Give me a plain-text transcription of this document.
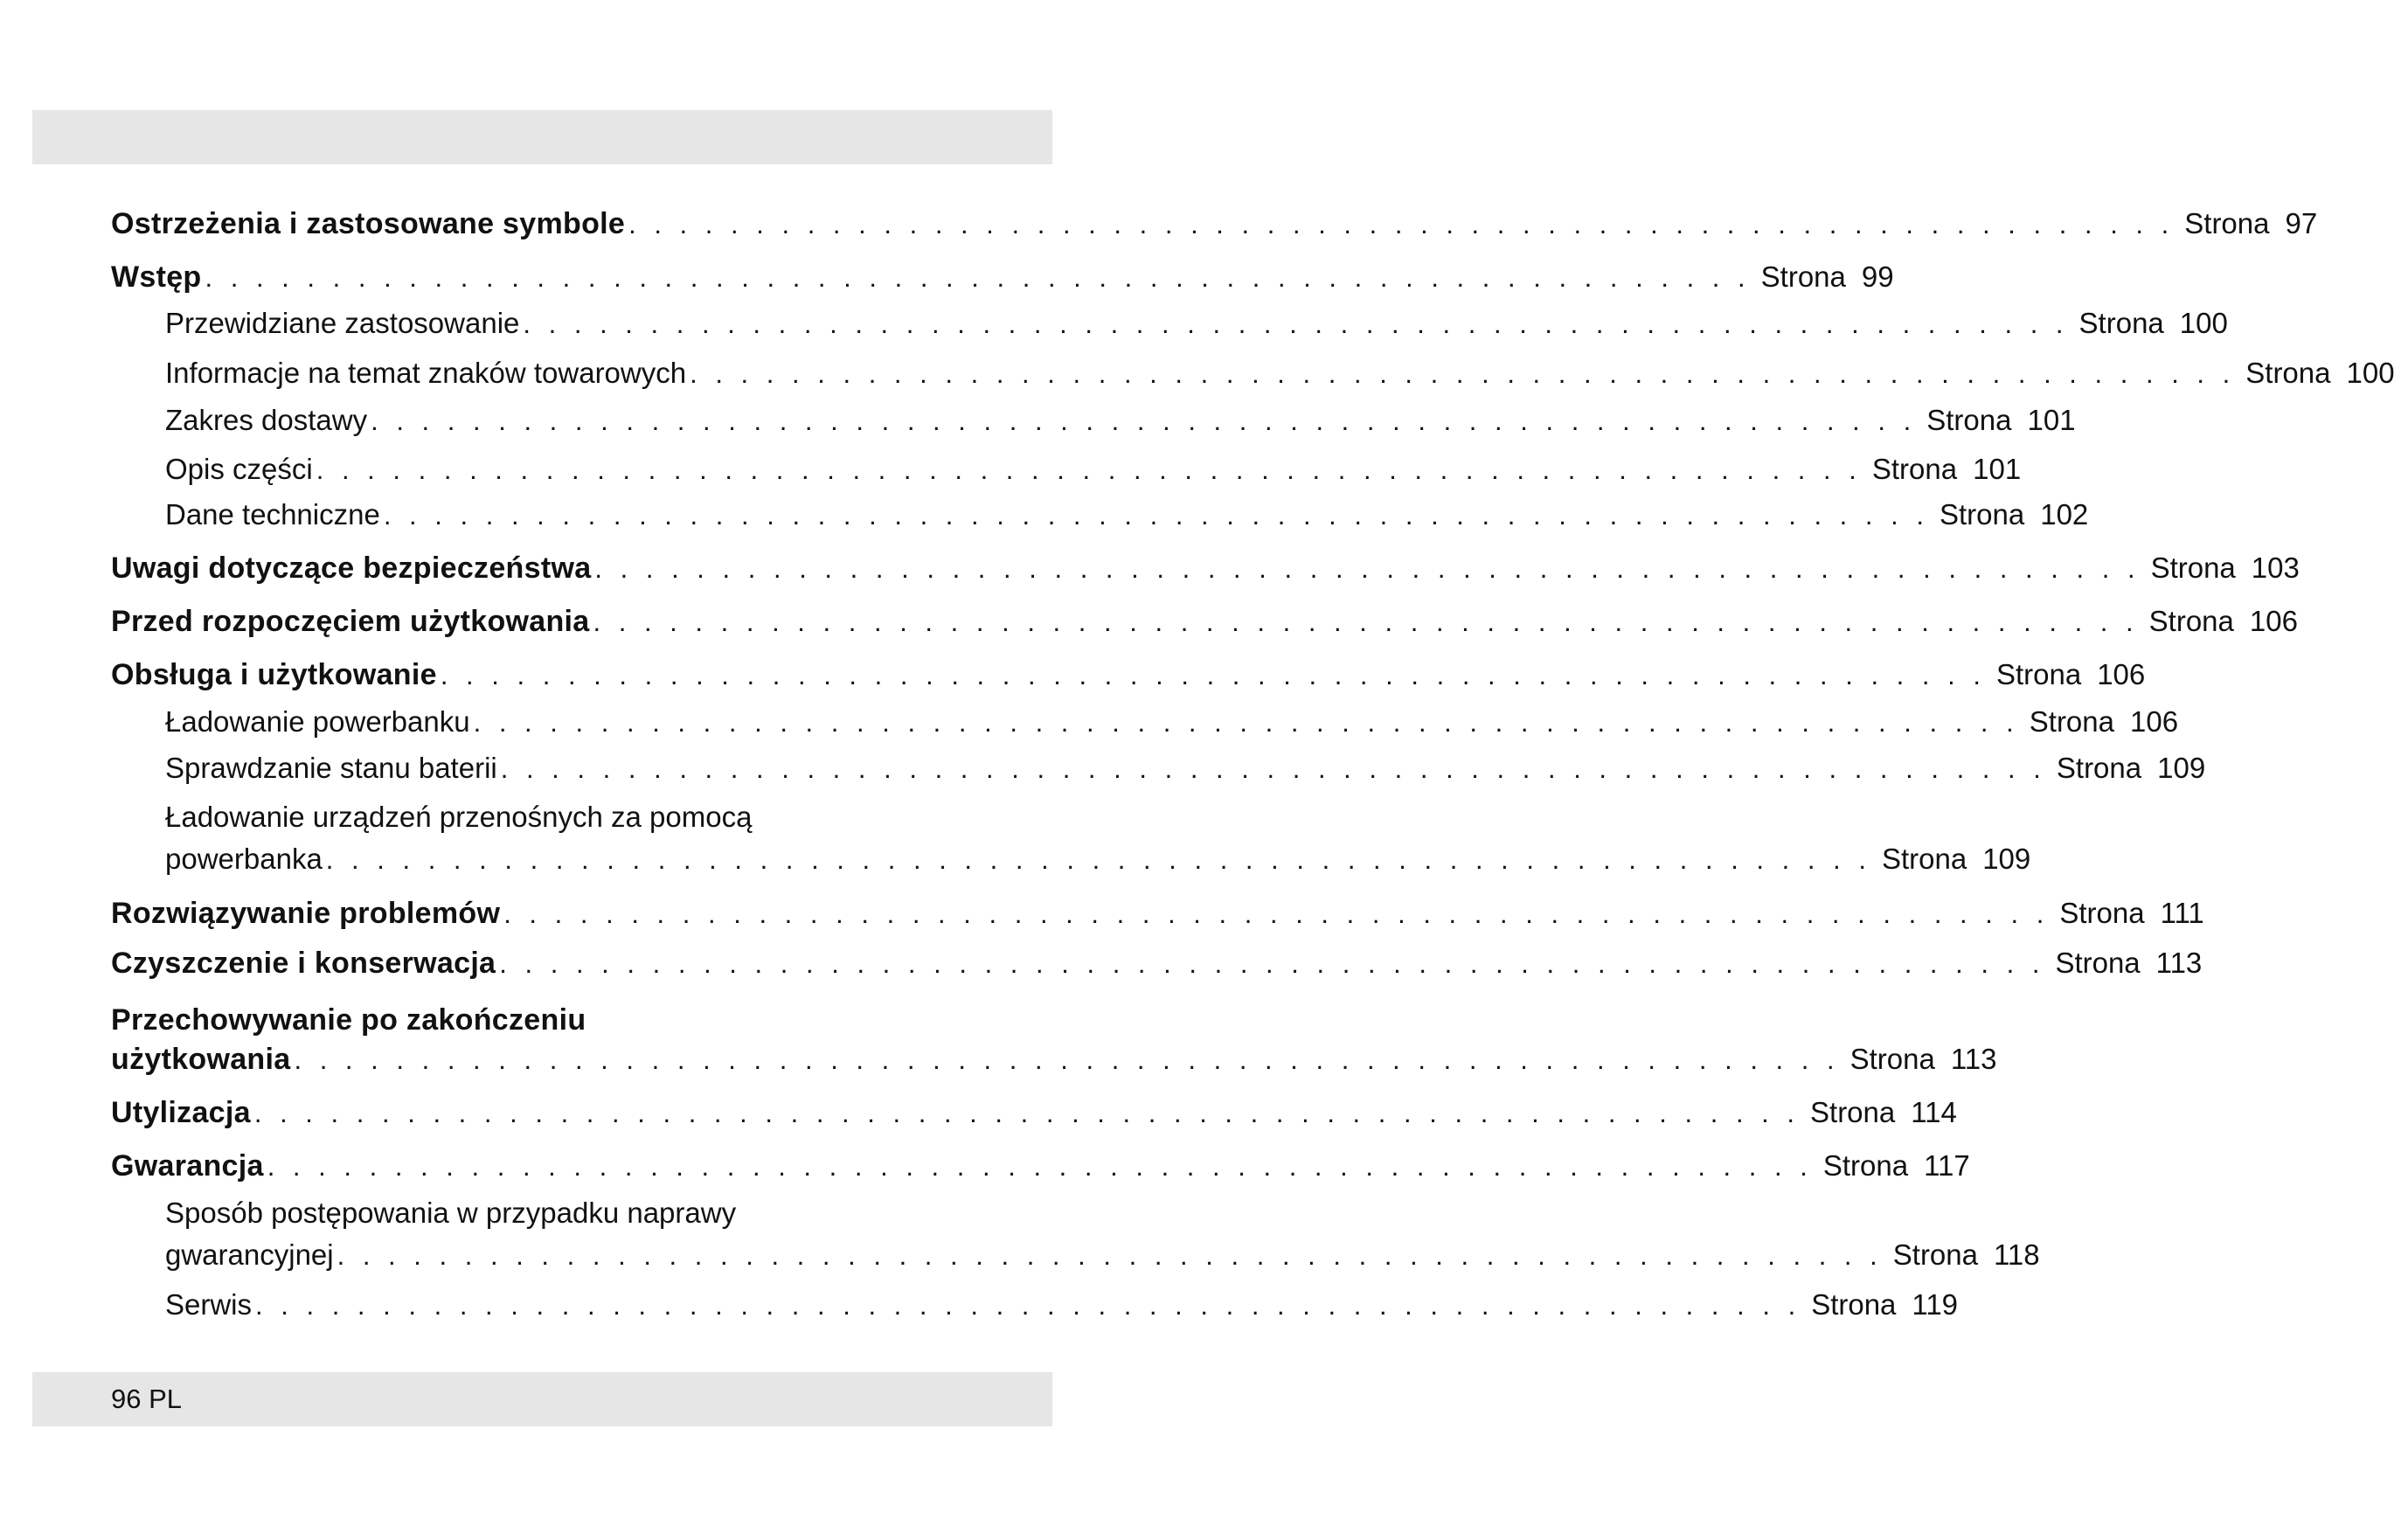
Ostrzeżenia i zastosowane symbole . . . . . . . . . . . . . . . . . . . . . . . . . . . . . . . . . . . . . . . . . . . . . . . . . . . . . . . . . . . . . Strona 97
Wstęp . . . . . . . . . . . . . . . . . . . . . . . . . . . . . . . . . . . . . . . . . . . . . . . . . . . . . . . . . . . . . Strona 99
Przewidziane zastosowanie . . . . . . . . . . . . . . . . . . . . . . . . . . . . . . . . . . . . . . . . . . . . . . . . . . . . . . . . . . . . . Strona 100
Informacje na temat znaków towarowych . . . . . . . . . . . . . . . . . . . . . . . . . . . . . . . . . . . . . . . . . . . . . . . . . . . . . . . . . . . . . Strona 100
Zakres dostawy . . . . . . . . . . . . . . . . . . . . . . . . . . . . . . . . . . . . . . . . . . . . . . . . . . . . . . . . . . . . . Strona 101
Opis części . . . . . . . . . . . . . . . . . . . . . . . . . . . . . . . . . . . . . . . . . . . . . . . . . . . . . . . . . . . . . Strona 101
Dane techniczne . . . . . . . . . . . . . . . . . . . . . . . . . . . . . . . . . . . . . . . . . . . . . . . . . . . . . . . . . . . . . Strona 102
Uwagi dotyczące bezpieczeństwa . . . . . . . . . . . . . . . . . . . . . . . . . . . . . . . . . . . . . . . . . . . . . . . . . . . . . . . . . . . . . Strona 103
Przed rozpoczęciem użytkowania . . . . . . . . . . . . . . . . . . . . . . . . . . . . . . . . . . . . . . . . . . . . . . . . . . . . . . . . . . . . . Strona 106
Obsługa i użytkowanie . . . . . . . . . . . . . . . . . . . . . . . . . . . . . . . . . . . . . . . . . . . . . . . . . . . . . . . . . . . . . Strona 106
Ładowanie powerbanku . . . . . . . . . . . . . . . . . . . . . . . . . . . . . . . . . . . . . . . . . . . . . . . . . . . . . . . . . . . . . Strona 106
Sprawdzanie stanu baterii . . . . . . . . . . . . . . . . . . . . . . . . . . . . . . . . . . . . . . . . . . . . . . . . . . . . . . . . . . . . . Strona 109
Ładowanie urządzeń przenośnych za pomocą
powerbanka . . . . . . . . . . . . . . . . . . . . . . . . . . . . . . . . . . . . . . . . . . . . . . . . . . . . . . . . . . . . . Strona 109
Rozwiązywanie problemów . . . . . . . . . . . . . . . . . . . . . . . . . . . . . . . . . . . . . . . . . . . . . . . . . . . . . . . . . . . . . Strona 111
Czyszczenie i konserwacja . . . . . . . . . . . . . . . . . . . . . . . . . . . . . . . . . . . . . . . . . . . . . . . . . . . . . . . . . . . . . Strona 113
Przechowywanie po zakończeniu
użytkowania . . . . . . . . . . . . . . . . . . . . . . . . . . . . . . . . . . . . . . . . . . . . . . . . . . . . . . . . . . . . . Strona 113
Utylizacja . . . . . . . . . . . . . . . . . . . . . . . . . . . . . . . . . . . . . . . . . . . . . . . . . . . . . . . . . . . . . Strona 114
Gwarancja . . . . . . . . . . . . . . . . . . . . . . . . . . . . . . . . . . . . . . . . . . . . . . . . . . . . . . . . . . . . . Strona 117
Sposób postępowania w przypadku naprawy
gwarancyjnej . . . . . . . . . . . . . . . . . . . . . . . . . . . . . . . . . . . . . . . . . . . . . . . . . . . . . . . . . . . . . Strona 118
Serwis . . . . . . . . . . . . . . . . . . . . . . . . . . . . . . . . . . . . . . . . . . . . . . . . . . . . . . . . . . . . . Strona 119
96 PL
